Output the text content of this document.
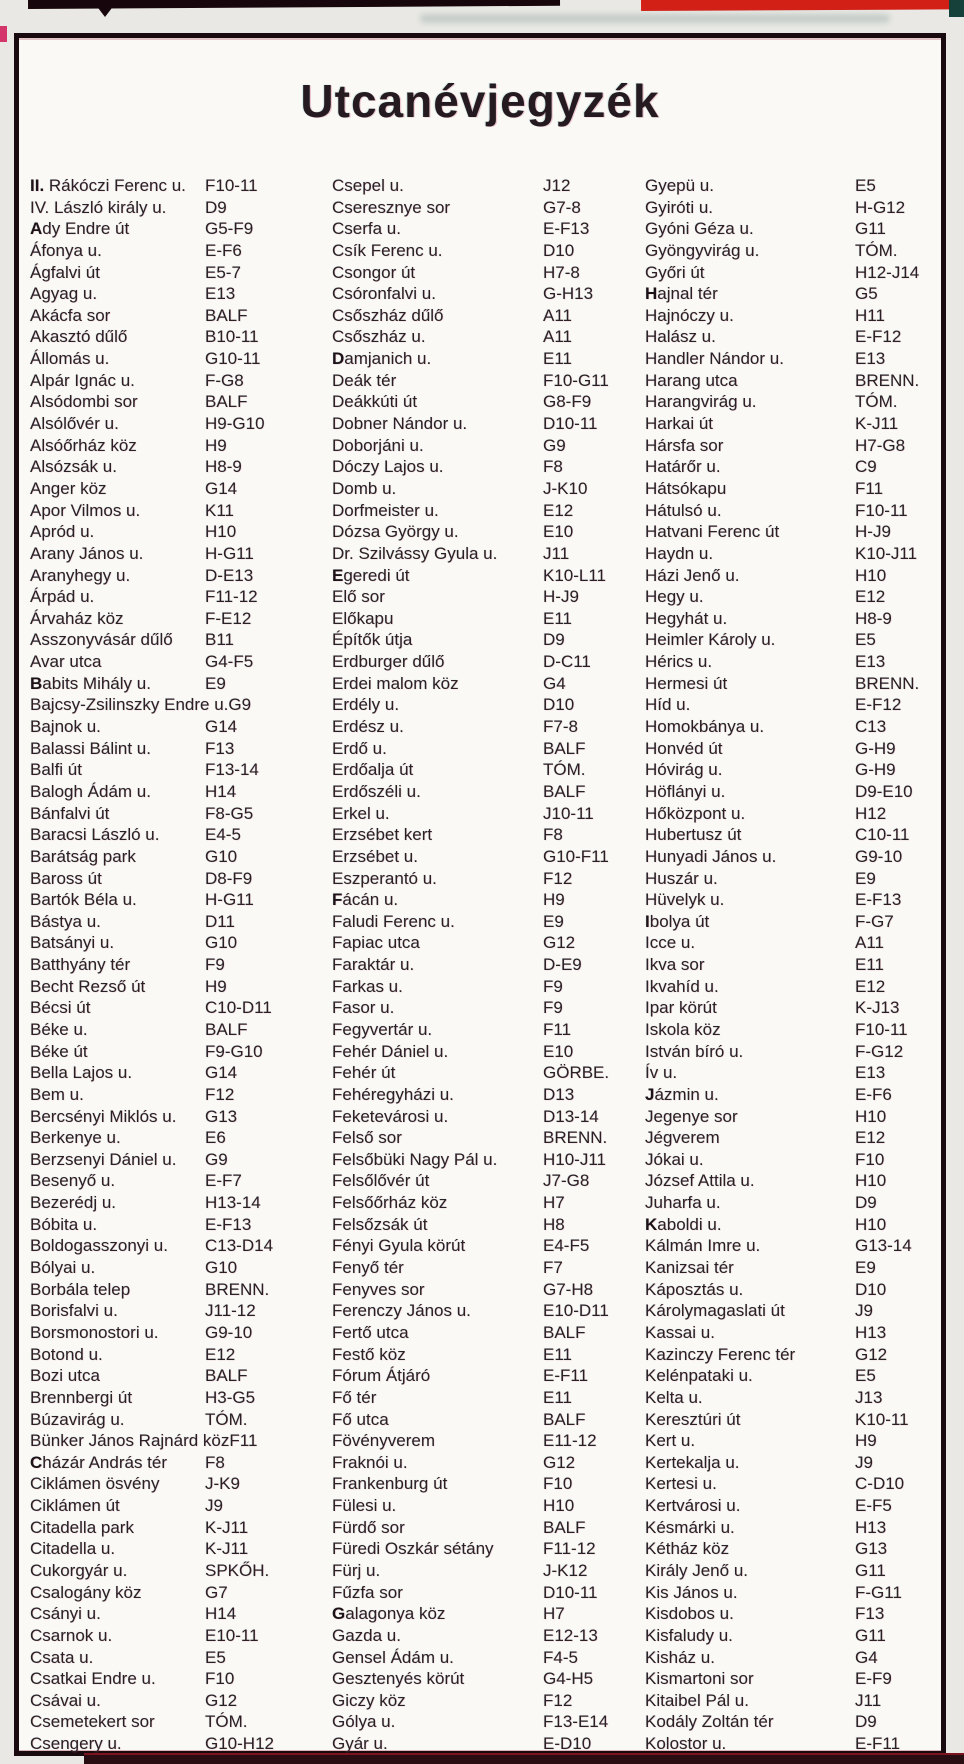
Utcanévjegyzék
II. Rákóczi Ferenc u.	F10-11
IV. László király u.	D9
Ady Endre út	G5-F9
Áfonya u.	E-F6
Ágfalvi út	E5-7
Agyag u.	E13
Akácfa sor	BALF
Akasztó dűlő	B10-11
Állomás u.	G10-11
Alpár Ignác u.	F-G8
Alsódombi sor	BALF
Alsólővér u.	H9-G10
Alsóőrház köz	H9
Alsózsák u.	H8-9
Anger köz	G14
Apor Vilmos u.	K11
Apród u.	H10
Arany János u.	H-G11
Aranyhegy u.	D-E13
Árpád u.	F11-12
Árvaház köz	F-E12
Asszonyvásár dűlő	B11
Avar utca	G4-F5
Babits Mihály u.	E9
Bajcsy-Zsilinszky Endre u. G9
Bajnok u.	G14
Balassi Bálint u.	F13
Balfi út	F13-14
Balogh Ádám u.	H14
Bánfalvi út	F8-G5
Baracsi László u.	E4-5
Barátság park	G10
Baross út	D8-F9
Bartók Béla u.	H-G11
Bástya u.	D11
Batsányi u.	G10
Batthyány tér	F9
Becht Rezső út	H9
Bécsi út	C10-D11
Béke u.	BALF
Béke út	F9-G10
Bella Lajos u.	G14
Bem u.	F12
Bercsényi Miklós u.	G13
Berkenye u.	E6
Berzsenyi Dániel u.	G9
Besenyő u.	E-F7
Bezerédj u.	H13-14
Bóbita u.	E-F13
Boldogasszonyi u.	C13-D14
Bólyai u.	G10
Borbála telep	BRENN.
Borisfalvi u.	J11-12
Borsmonostori u.	G9-10
Botond u.	E12
Bozi utca	BALF
Brennbergi út	H3-G5
Búzavirág u.	TÓM.
Bünker János Rajnárd köz F11
Cházár András tér	F8
Ciklámen ösvény	J-K9
Ciklámen út	J9
Citadella park	K-J11
Citadella u.	K-J11
Cukorgyár u.	SPKŐH.
Csalogány köz	G7
Csányi u.	H14
Csarnok u.	E10-11
Csata u.	E5
Csatkai Endre u.	F10
Csávai u.	G12
Csemetekert sor	TÓM.
Csengery u.	G10-H12
Csepel u.	J12
Cseresznye sor	G7-8
Cserfa u.	E-F13
Csík Ferenc u.	D10
Csongor út	H7-8
Csóronfalvi u.	G-H13
Csőszház dűlő	A11
Csőszház u.	A11
Damjanich u.	E11
Deák tér	F10-G11
Deákkúti út	G8-F9
Dobner Nándor u.	D10-11
Doborjáni u.	G9
Dóczy Lajos u.	F8
Domb u.	J-K10
Dorfmeister u.	E12
Dózsa György u.	E10
Dr. Szilvássy Gyula u.	J11
Egeredi út	K10-L11
Elő sor	H-J9
Előkapu	E11
Építők útja	D9
Erdburger dűlő	D-C11
Erdei malom köz	G4
Erdély u.	D10
Erdész u.	F7-8
Erdő u.	BALF
Erdőalja út	TÓM.
Erdőszéli u.	BALF
Erkel u.	J10-11
Erzsébet kert	F8
Erzsébet u.	G10-F11
Eszperantó u.	F12
Fácán u.	H9
Faludi Ferenc u.	E9
Fapiac utca	G12
Faraktár u.	D-E9
Farkas u.	F9
Fasor u.	F9
Fegyvertár u.	F11
Fehér Dániel u.	E10
Fehér út	GÖRBE.
Fehéregyházi u.	D13
Feketevárosi u.	D13-14
Felső sor	BRENN.
Felsőbüki Nagy Pál u.	H10-J11
Felsőlővér út	J7-G8
Felsőőrház köz	H7
Felsőzsák út	H8
Fényi Gyula körút	E4-F5
Fenyő tér	F7
Fenyves sor	G7-H8
Ferenczy János u.	E10-D11
Fertő utca	BALF
Festő köz	E11
Fórum Átjáró	E-F11
Fő tér	E11
Fő utca	BALF
Fövényverem	E11-12
Fraknói u.	G12
Frankenburg út	F10
Fülesi u.	H10
Fürdő sor	BALF
Füredi Oszkár sétány	F11-12
Fürj u.	J-K12
Fűzfa sor	D10-11
Galagonya köz	H7
Gazda u.	E12-13
Gensel Ádám u.	F4-5
Gesztenyés körút	G4-H5
Giczy köz	F12
Gólya u.	F13-E14
Gyár u.	E-D10
Gyepü u.	E5
Gyiróti u.	H-G12
Gyóni Géza u.	G11
Gyöngyvirág u.	TÓM.
Győri út	H12-J14
Hajnal tér	G5
Hajnóczy u.	H11
Halász u.	E-F12
Handler Nándor u.	E13
Harang utca	BRENN.
Harangvirág u.	TÓM.
Harkai út	K-J11
Hársfa sor	H7-G8
Határőr u.	C9
Hátsókapu	F11
Hátulsó u.	F10-11
Hatvani Ferenc út	H-J9
Haydn u.	K10-J11
Házi Jenő u.	H10
Hegy u.	E12
Hegyhát u.	H8-9
Heimler Károly u.	E5
Hérics u.	E13
Hermesi út	BRENN.
Híd u.	E-F12
Homokbánya u.	C13
Honvéd út	G-H9
Hóvirág u.	G-H9
Höflányi u.	D9-E10
Hőközpont u.	H12
Hubertusz út	C10-11
Hunyadi János u.	G9-10
Huszár u.	E9
Hüvelyk u.	E-F13
Ibolya út	F-G7
Icce u.	A11
Ikva sor	E11
Ikvahíd u.	E12
Ipar körút	K-J13
Iskola köz	F10-11
István bíró u.	F-G12
Ív u.	E13
Jázmin u.	E-F6
Jegenye sor	H10
Jégverem	E12
Jókai u.	F10
József Attila u.	H10
Juharfa u.	D9
Kaboldi u.	H10
Kálmán Imre u.	G13-14
Kanizsai tér	E9
Káposztás u.	D10
Károlymagaslati út	J9
Kassai u.	H13
Kazinczy Ferenc tér	G12
Kelénpataki u.	E5
Kelta u.	J13
Keresztúri út	K10-11
Kert u.	H9
Kertekalja u.	J9
Kertesi u.	C-D10
Kertvárosi u.	E-F5
Késmárki u.	H13
Kétház köz	G13
Király Jenő u.	G11
Kis János u.	F-G11
Kisdobos u.	F13
Kisfaludy u.	G11
Kisház u.	G4
Kismartoni sor	E-F9
Kitaibel Pál u.	J11
Kodály Zoltán tér	D9
Kolostor u.	E-F11
